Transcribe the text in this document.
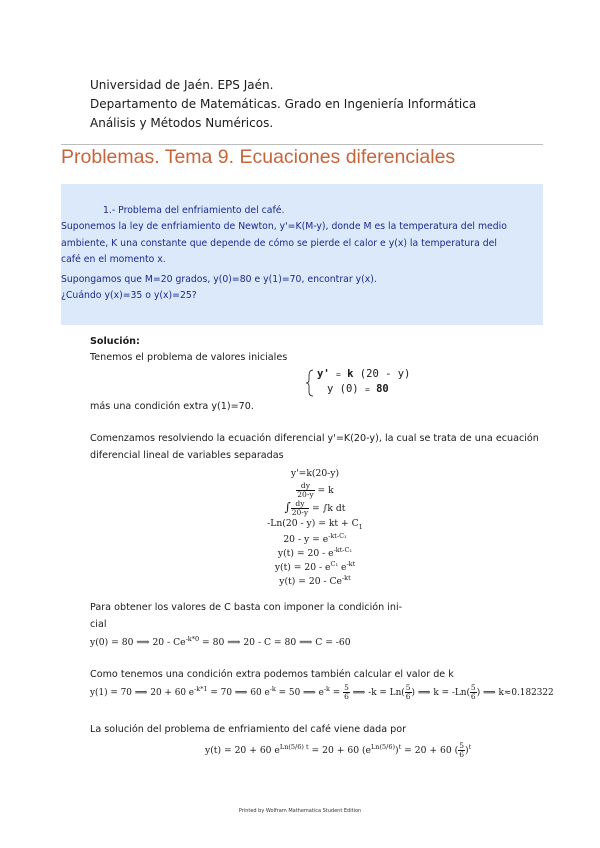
Universidad de Jaén. EPS Jaén.
Departamento de Matemáticas. Grado en Ingeniería Informática
Análisis y Métodos Numéricos.
Problemas. Tema 9. Ecuaciones diferenciales

1.- Problema del enfriamiento del café.

Suponemos la ley de enfriamiento de Newton, y'=K(M-y), donde M es la temperatura del medio

ambiente, K una constante que depende de cómo se pierde el calor e y(x) la temperatura del

café en el momento x.

Supongamos que M=20 grados, y(0)=80 e y(1)=70, encontrar y(x).

¿Cuándo y(x)=35 o y(x)=25?

Solución:
Tenemos el problema de valores iniciales
y' = k (20 - y)
y (0) = 80
más una condición extra y(1)=70.
Comenzamos resolviendo la ecuación diferencial y'=K(20-y), la cual se trata de una ecuación
diferencial lineal de variables separadas
y'=k(20-y)
$\frac{dy}{20-y} = k$
∫ $\frac{dy}{20-y} = \int k$ dt
-Ln(20 - y) = kt + $C_1$
$20 - y = e^{-kt-C_1}$
$y(t) = 20 - e^{-kt-C_1}$
$y(t) = 20 - e^{C_1}$ $e^{-kt}$
$y(t) = 20 - Ce^{-kt}$
Para obtener los valores de C basta con imponer la condición ini-
cial
y(0) = 80 ⟹ $20 - Ce^{-k*0} = 80$ ⟹ 20 - C = 80 ⟹ C = -60
Como tenemos una condición extra podemos también calcular el valor de k
y(1) = 70 ⟹ 20 + 60 $e^{-k*1} = 70$ ⟹ 60 $e^{-k} = 50$ ⟹ $e^{-k} = \frac{5}{6}$ ⟹ $-k = Ln( \frac{5}{6}$ ) ⟹ $k = -Ln( \frac{5}{6}$ ) ⟹ k≈0.182322
La solución del problema de enfriamiento del café viene dada por
y(t) = 20 + 60 $e^{Ln(5/6) t} = 20 + 60$ $(e^{Ln(5/6)})^t = 20 + 60$ ( $\frac{5}{6} )^t$
Printed by Wolfram Mathematica Student Edition
